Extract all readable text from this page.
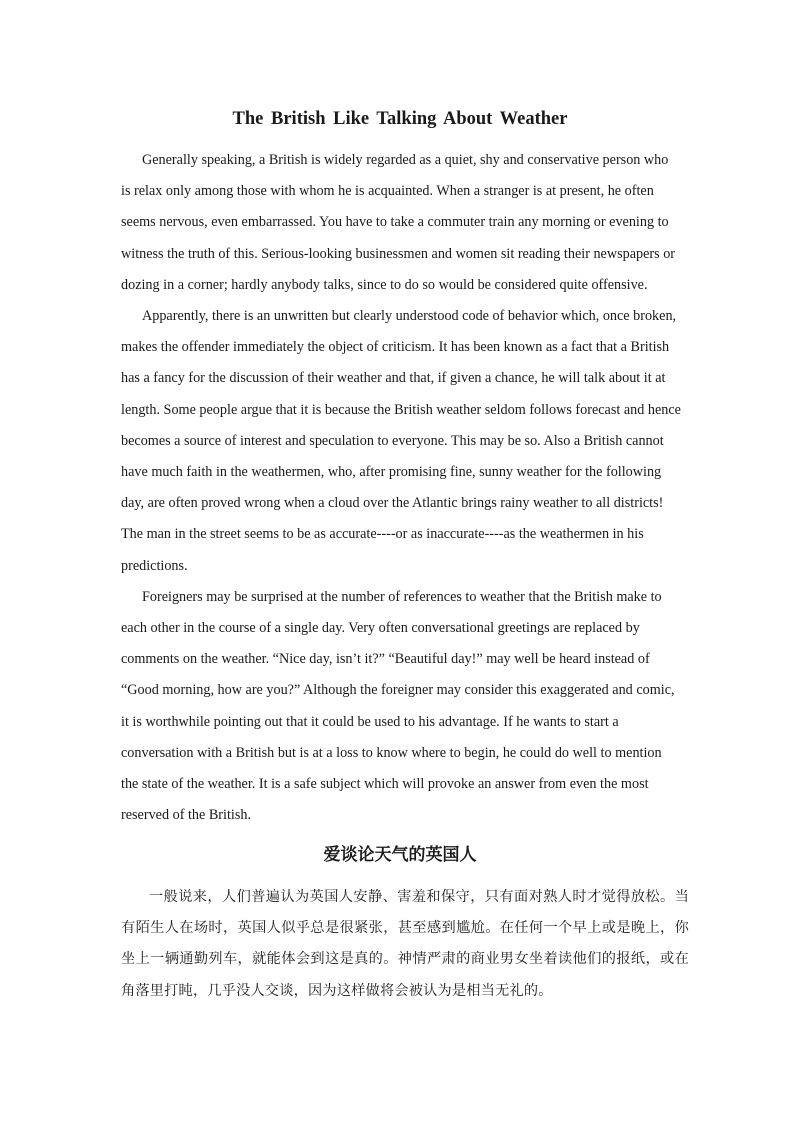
The British Like Talking About Weather

Generally speaking, a British is widely regarded as a quiet, shy and conservative person who is relax only among those with whom he is acquainted. When a stranger is at present, he often seems nervous, even embarrassed. You have to take a commuter train any morning or evening to witness the truth of this. Serious-looking businessmen and women sit reading their newspapers or dozing in a corner; hardly anybody talks, since to do so would be considered quite offensive.

Apparently, there is an unwritten but clearly understood code of behavior which, once broken, makes the offender immediately the object of criticism. It has been known as a fact that a British has a fancy for the discussion of their weather and that, if given a chance, he will talk about it at length. Some people argue that it is because the British weather seldom follows forecast and hence becomes a source of interest and speculation to everyone. This may be so. Also a British cannot have much faith in the weathermen, who, after promising fine, sunny weather for the following day, are often proved wrong when a cloud over the Atlantic brings rainy weather to all districts! The man in the street seems to be as accurate----or as inaccurate----as the weathermen in his predictions.

Foreigners may be surprised at the number of references to weather that the British make to each other in the course of a single day. Very often conversational greetings are replaced by comments on the weather. “Nice day, isn’t it?” “Beautiful day!” may well be heard instead of “Good morning, how are you?” Although the foreigner may consider this exaggerated and comic, it is worthwhile pointing out that it could be used to his advantage. If he wants to start a conversation with a British but is at a loss to know where to begin, he could do well to mention the state of the weather. It is a safe subject which will provoke an answer from even the most reserved of the British.

爱谈论天气的英国人

一般说来，人们普遍认为英国人安静、害羞和保守，只有面对熟人时才觉得放松。当有陌生人在场时，英国人似乎总是很紧张，甚至感到尴尬。在任何一个早上或是晚上，你坐上一辆通勤列车，就能体会到这是真的。神情严肃的商业男女坐着读他们的报纸，或在角落里打盹，几乎没人交谈，因为这样做将会被认为是相当无礼的。
